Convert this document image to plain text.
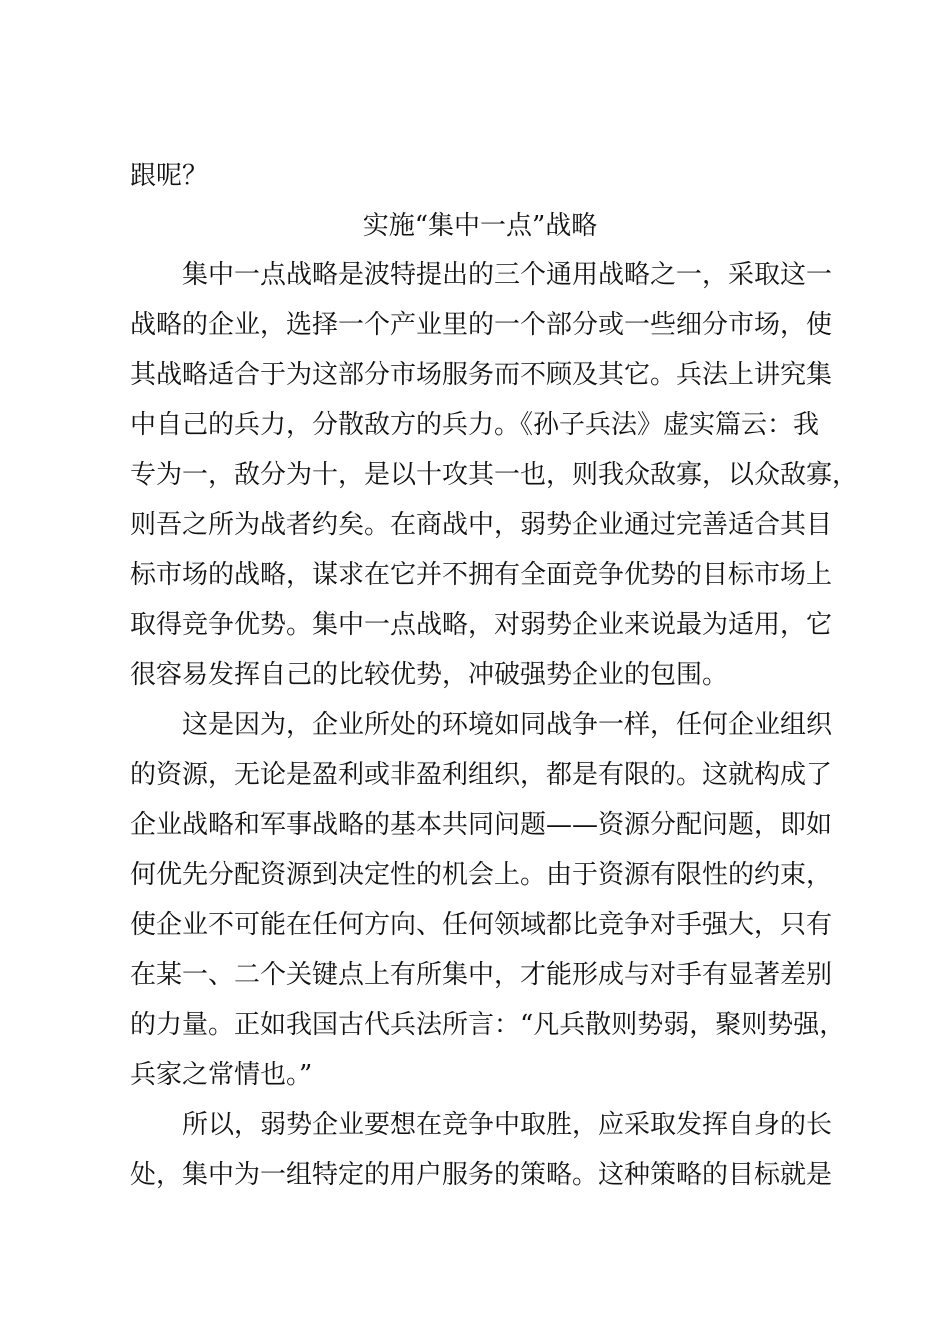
跟呢？
实施“集中一点”战略
集中一点战略是波特提出的三个通用战略之一，采取这一
战略的企业，选择一个产业里的一个部分或一些细分市场，使
其战略适合于为这部分市场服务而不顾及其它。兵法上讲究集
中自己的兵力，分散敌方的兵力。《孙子兵法》虚实篇云：我
专为一，敌分为十，是以十攻其一也，则我众敌寡，以众敌寡，
则吾之所为战者约矣。在商战中，弱势企业通过完善适合其目
标市场的战略，谋求在它并不拥有全面竞争优势的目标市场上
取得竞争优势。集中一点战略，对弱势企业来说最为适用，它
很容易发挥自己的比较优势，冲破强势企业的包围。
这是因为，企业所处的环境如同战争一样，任何企业组织
的资源，无论是盈利或非盈利组织，都是有限的。这就构成了
企业战略和军事战略的基本共同问题——资源分配问题，即如
何优先分配资源到决定性的机会上。由于资源有限性的约束，
使企业不可能在任何方向、任何领域都比竞争对手强大，只有
在某一、二个关键点上有所集中，才能形成与对手有显著差别
的力量。正如我国古代兵法所言：“凡兵散则势弱，聚则势强，
兵家之常情也。”
所以，弱势企业要想在竞争中取胜，应采取发挥自身的长
处，集中为一组特定的用户服务的策略。这种策略的目标就是
